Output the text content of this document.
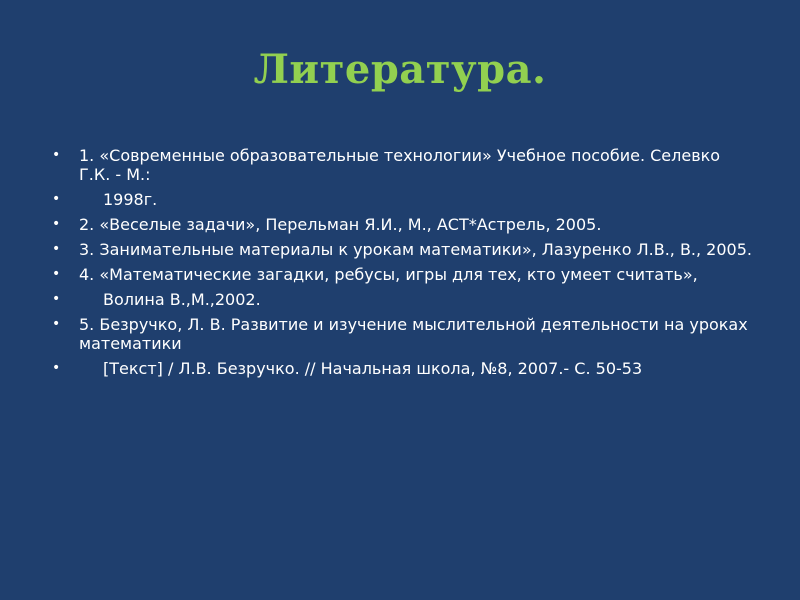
Литература.
• 1. «Современные образовательные технологии» Учебное пособие. Селевко Г.К. - М.:
•	1998г.
• 2. «Веселые задачи», Перельман Я.И., М., АСТ*Астрель, 2005.
• 3. Занимательные материалы к урокам математики», Лазуренко Л.В., В., 2005.
• 4. «Математические загадки, ребусы, игры для тех, кто умеет считать»,
•	Волина В.,М.,2002.
• 5. Безручко, Л. В. Развитие и изучение мыслительной деятельности на уроках математики
•	[Текст] / Л.В. Безручко. // Начальная школа, №8, 2007.- С. 50-53
